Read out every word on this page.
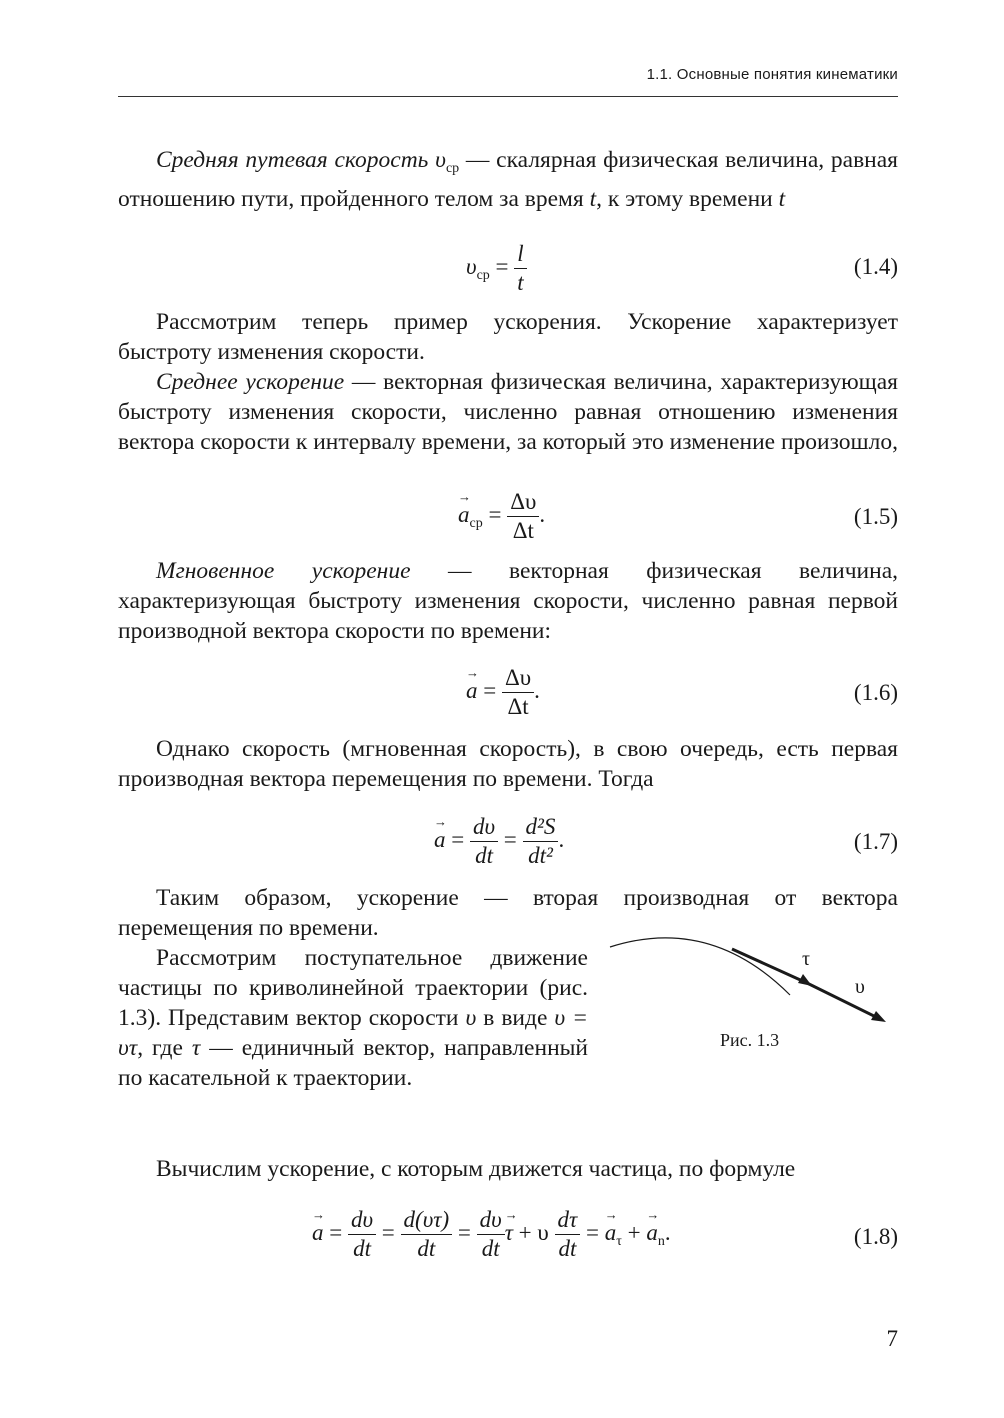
1.1. Основные понятия кинематики
Средняя путевая скорость $\upsilon_{ср}$ — скалярная физическая величина, равная отношению пути, пройденного телом за время t, к этому времени t
$\upsilon_{ср} = \frac{l}{t}$	(1.4)
Рассмотрим теперь пример ускорения. Ускорение характеризует быстроту изменения скорости.
Среднее ускорение — векторная физическая величина, характеризующая быстроту изменения скорости, численно равная отношению изменения вектора скорости к интервалу времени, за который это изменение произошло,
→ $a_{ср} = \frac{\Delta\upsilon}{\Delta t}$ .	(1.5)
Мгновенное ускорение — векторная физическая величина, характеризующая быстроту изменения скорости, численно равная первой производной вектора скорости по времени:
→ $a = \frac{\Delta\upsilon}{\Delta t}$ .	(1.6)
Однако скорость (мгновенная скорость), в свою очередь, есть первая производная вектора перемещения по времени. Тогда
→ $a = \frac{d\upsilon}{dt} = \frac{\text{d²S}}{\text{dt²}}$ .	(1.7)
Таким образом, ускорение — вторая производная от вектора перемещения по времени.
Рассмотрим поступательное движение частицы по криволинейной траектории (рис. 1.3). Представим вектор скорости υ в виде υ = υτ, где τ — единичный вектор, направленный по касательной к траектории.
τ
υ
Рис. 1.3
Вычислим ускорение, с которым движется частица, по формуле
→ $a = \frac{d\upsilon}{dt} = \frac{d(\upsilon\tau)}{dt} = \frac{d\upsilon}{dt}$
→ τ + υ $\frac{d\tau}{dt}$ = → $a_\tau$ + → $a_n$.	(1.8)
7
